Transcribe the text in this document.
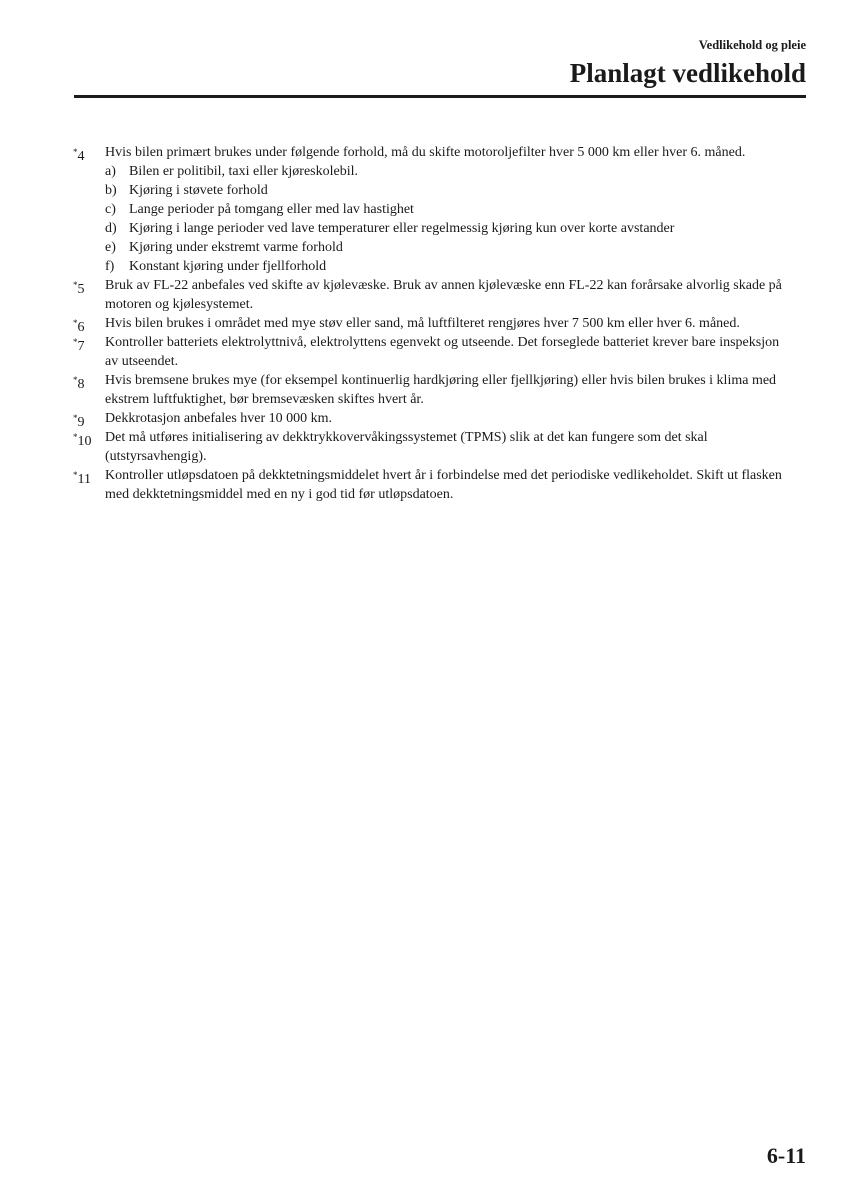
Vedlikehold og pleie
Planlagt vedlikehold
*4 Hvis bilen primært brukes under følgende forhold, må du skifte motoroljefilter hver 5 000 km eller hver 6. måned.
a) Bilen er politibil, taxi eller kjøreskolebil.
b) Kjøring i støvete forhold
c) Lange perioder på tomgang eller med lav hastighet
d) Kjøring i lange perioder ved lave temperaturer eller regelmessig kjøring kun over korte avstander
e) Kjøring under ekstremt varme forhold
f) Konstant kjøring under fjellforhold
*5 Bruk av FL-22 anbefales ved skifte av kjølevæske. Bruk av annen kjølevæske enn FL-22 kan forårsake alvorlig skade på motoren og kjølesystemet.
*6 Hvis bilen brukes i området med mye støv eller sand, må luftfilteret rengjøres hver 7 500 km eller hver 6. måned.
*7 Kontroller batteriets elektrolyttnivå, elektrolyttens egenvekt og utseende. Det forseglede batteriet krever bare inspeksjon av utseendet.
*8 Hvis bremsene brukes mye (for eksempel kontinuerlig hardkjøring eller fjellkjøring) eller hvis bilen brukes i klima med ekstrem luftfuktighet, bør bremsevæsken skiftes hvert år.
*9 Dekkrotasjon anbefales hver 10 000 km.
*10 Det må utføres initialisering av dekktrykkovervåkingssystemet (TPMS) slik at det kan fungere som det skal (utstyrsavhengig).
*11 Kontroller utløpsdatoen på dekktetningsmiddelet hvert år i forbindelse med det periodiske vedlikeholdet. Skift ut flasken med dekktetningsmiddel med en ny i god tid før utløpsdatoen.
6-11
